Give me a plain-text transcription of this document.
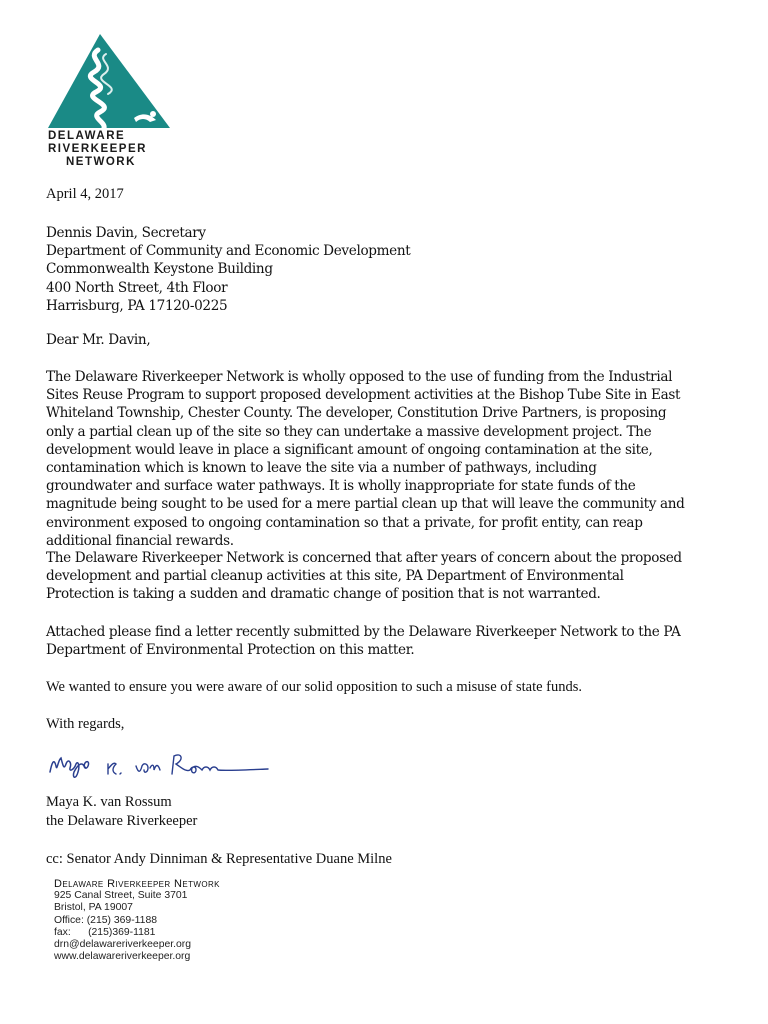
DELAWARE
RIVERKEEPER
NETWORK
April 4, 2017
Dennis Davin, Secretary
Department of Community and Economic Development
Commonwealth Keystone Building
400 North Street, 4th Floor
Harrisburg, PA 17120-0225
Dear Mr. Davin,
The Delaware Riverkeeper Network is wholly opposed to the use of funding from the Industrial Sites Reuse Program to support proposed development activities at the Bishop Tube Site in East Whiteland Township, Chester County. The developer, Constitution Drive Partners, is proposing only a partial clean up of the site so they can undertake a massive development project. The development would leave in place a significant amount of ongoing contamination at the site, contamination which is known to leave the site via a number of pathways, including groundwater and surface water pathways. It is wholly inappropriate for state funds of the magnitude being sought to be used for a mere partial clean up that will leave the community and environment exposed to ongoing contamination so that a private, for profit entity, can reap additional financial rewards.
The Delaware Riverkeeper Network is concerned that after years of concern about the proposed development and partial cleanup activities at this site, PA Department of Environmental Protection is taking a sudden and dramatic change of position that is not warranted.
Attached please find a letter recently submitted by the Delaware Riverkeeper Network to the PA Department of Environmental Protection on this matter.
We wanted to ensure you were aware of our solid opposition to such a misuse of state funds.
With regards,
Maya K. van Rossum
the Delaware Riverkeeper
cc: Senator Andy Dinniman & Representative Duane Milne
Delaware Riverkeeper Network
925 Canal Street, Suite 3701
Bristol, PA 19007
Office: (215) 369-1188
fax:      (215)369-1181
drn@delawareriverkeeper.org
www.delawareriverkeeper.org
